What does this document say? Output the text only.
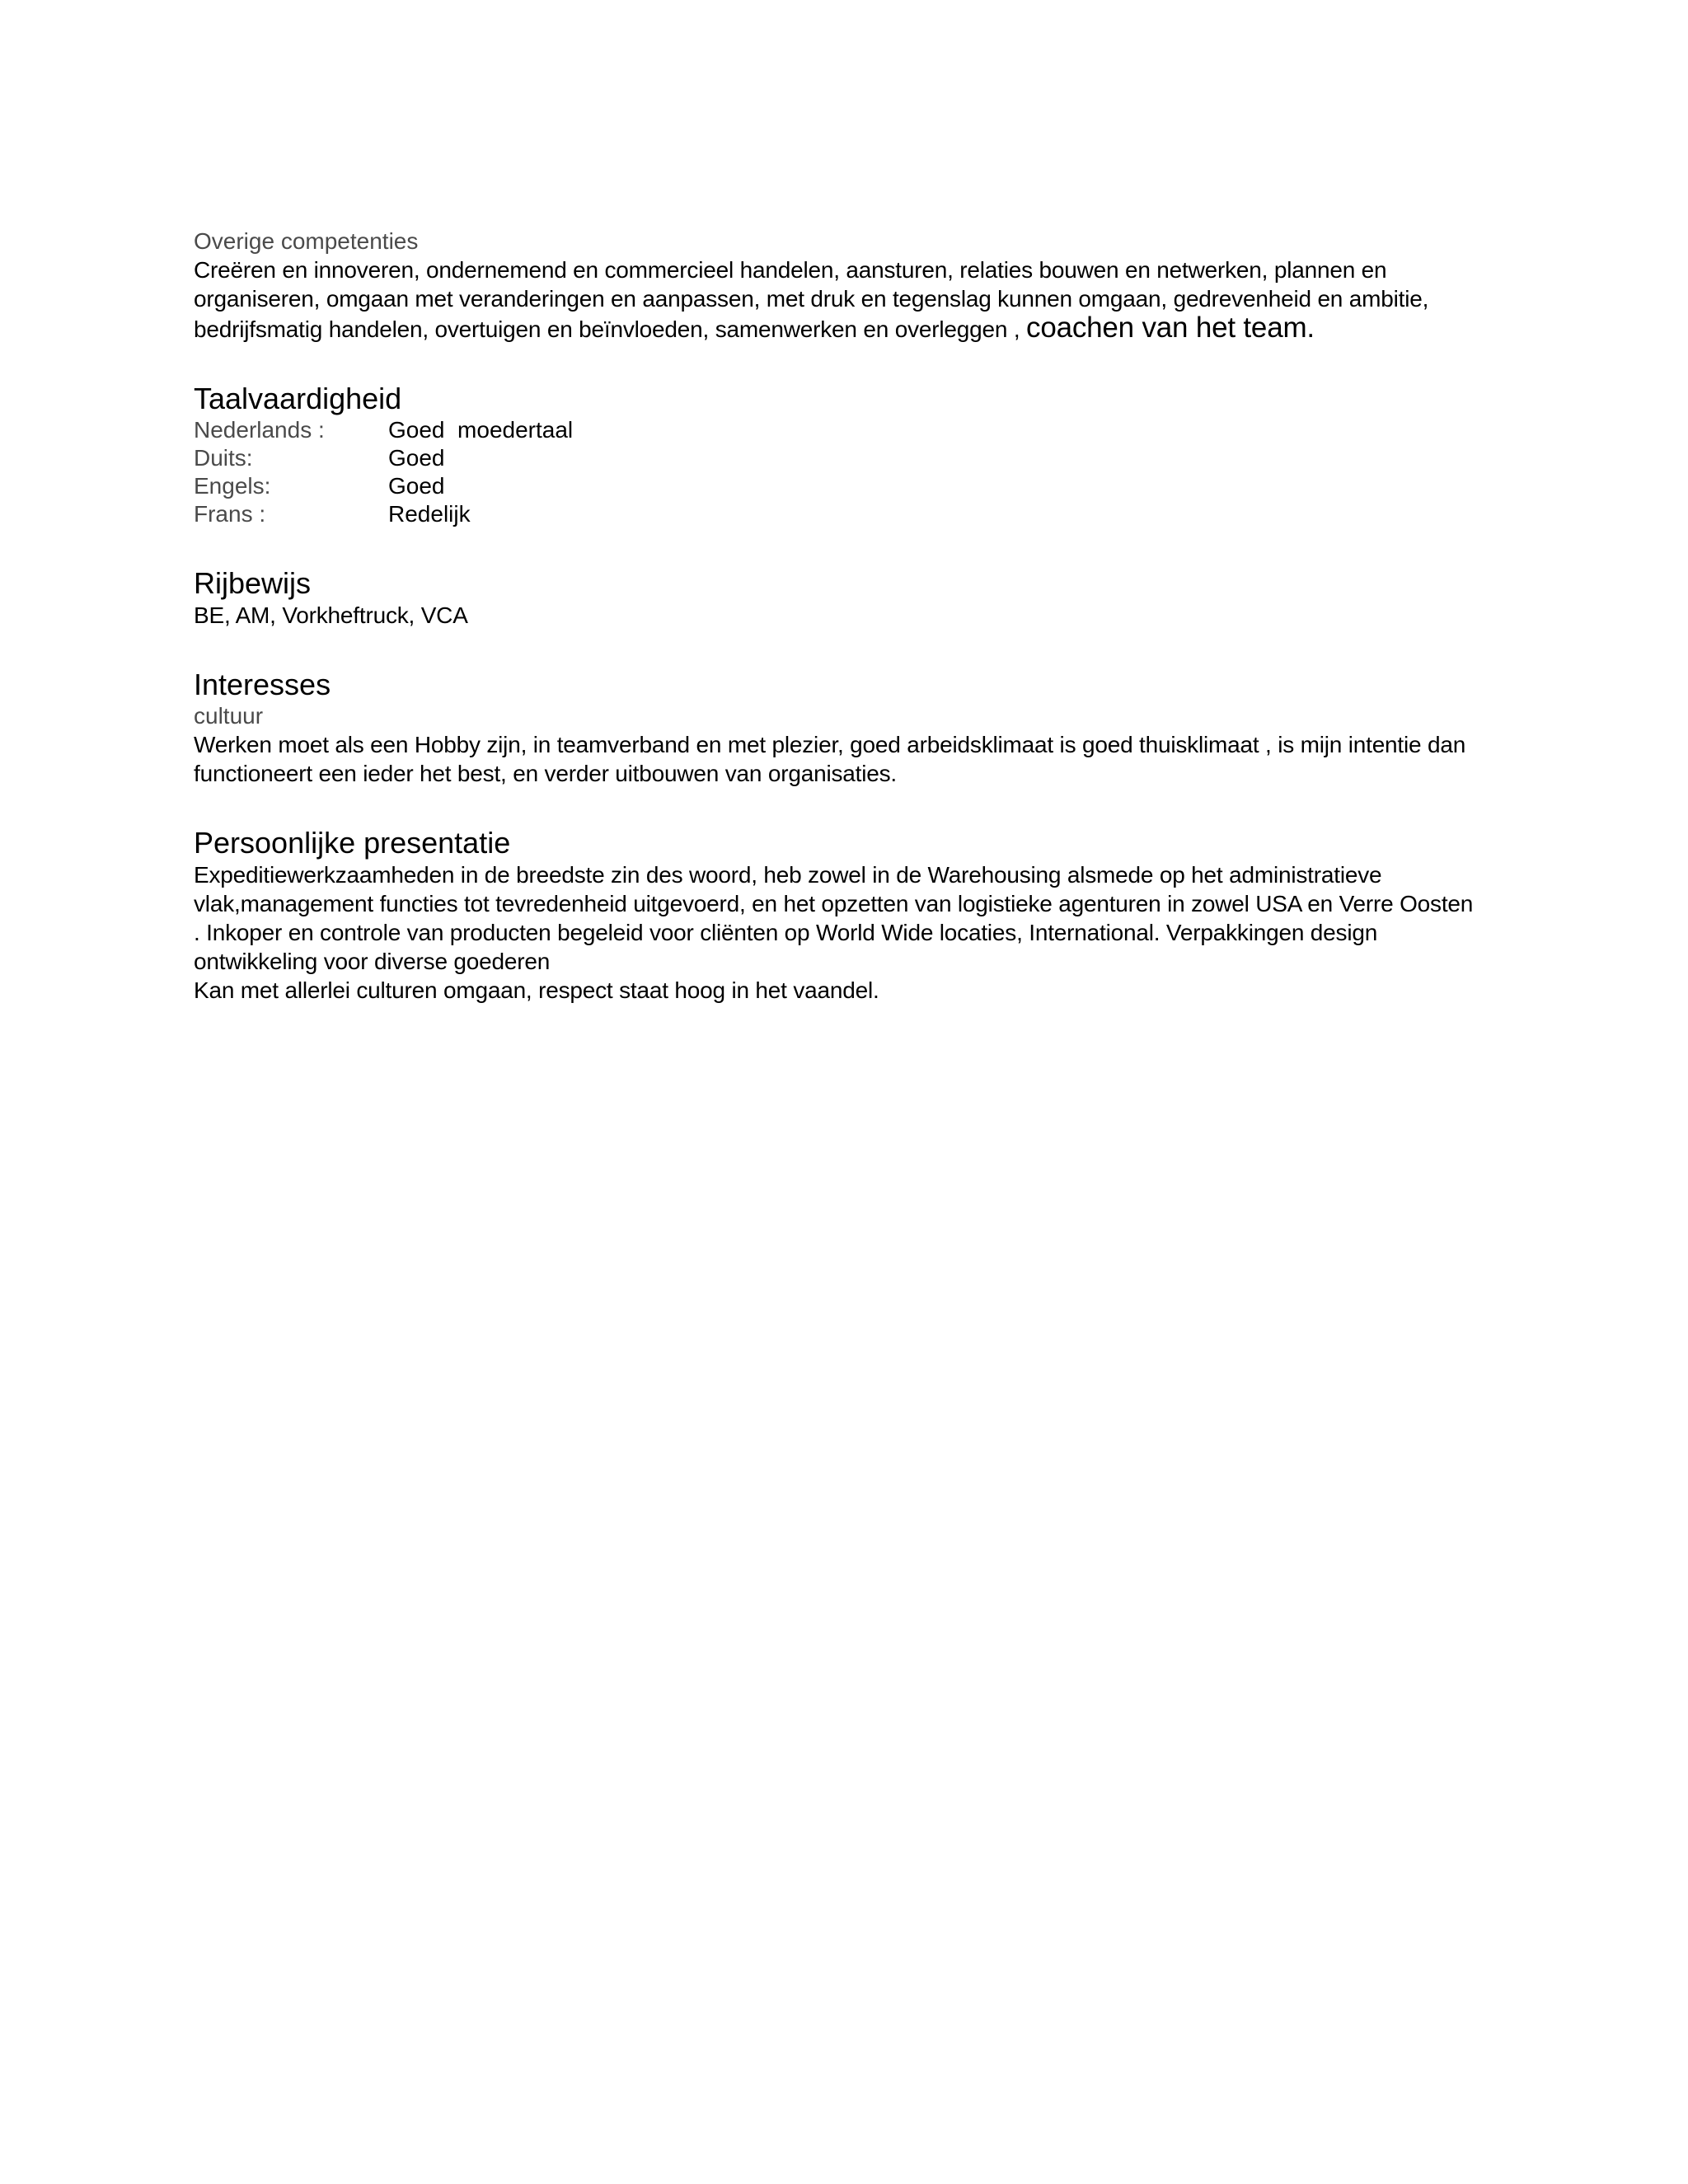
Overige competenties
Creëren en innoveren, ondernemend en commercieel handelen, aansturen, relaties bouwen en netwerken, plannen en organiseren, omgaan met veranderingen en aanpassen, met druk en tegenslag kunnen omgaan, gedrevenheid en ambitie, bedrijfsmatig handelen, overtuigen en beïnvloeden, samenwerken en overleggen , coachen van het team.
Taalvaardigheid
Nederlands :	Goed  moedertaal
Duits:	Goed
Engels:	Goed
Frans :	Redelijk
Rijbewijs
BE, AM, Vorkheftruck, VCA
Interesses
cultuur
Werken moet als een Hobby zijn, in teamverband en met plezier, goed arbeidsklimaat is goed thuisklimaat , is mijn intentie dan functioneert een ieder het best, en verder uitbouwen van organisaties.
Persoonlijke presentatie
Expeditiewerkzaamheden in de breedste zin des woord, heb zowel in de Warehousing alsmede op het administratieve vlak,management functies tot tevredenheid uitgevoerd, en het opzetten van logistieke agenturen in zowel USA en Verre Oosten . Inkoper en controle van producten begeleid voor cliënten op World Wide locaties, International. Verpakkingen design ontwikkeling voor diverse goederen
Kan met allerlei culturen omgaan, respect staat hoog in het vaandel.
